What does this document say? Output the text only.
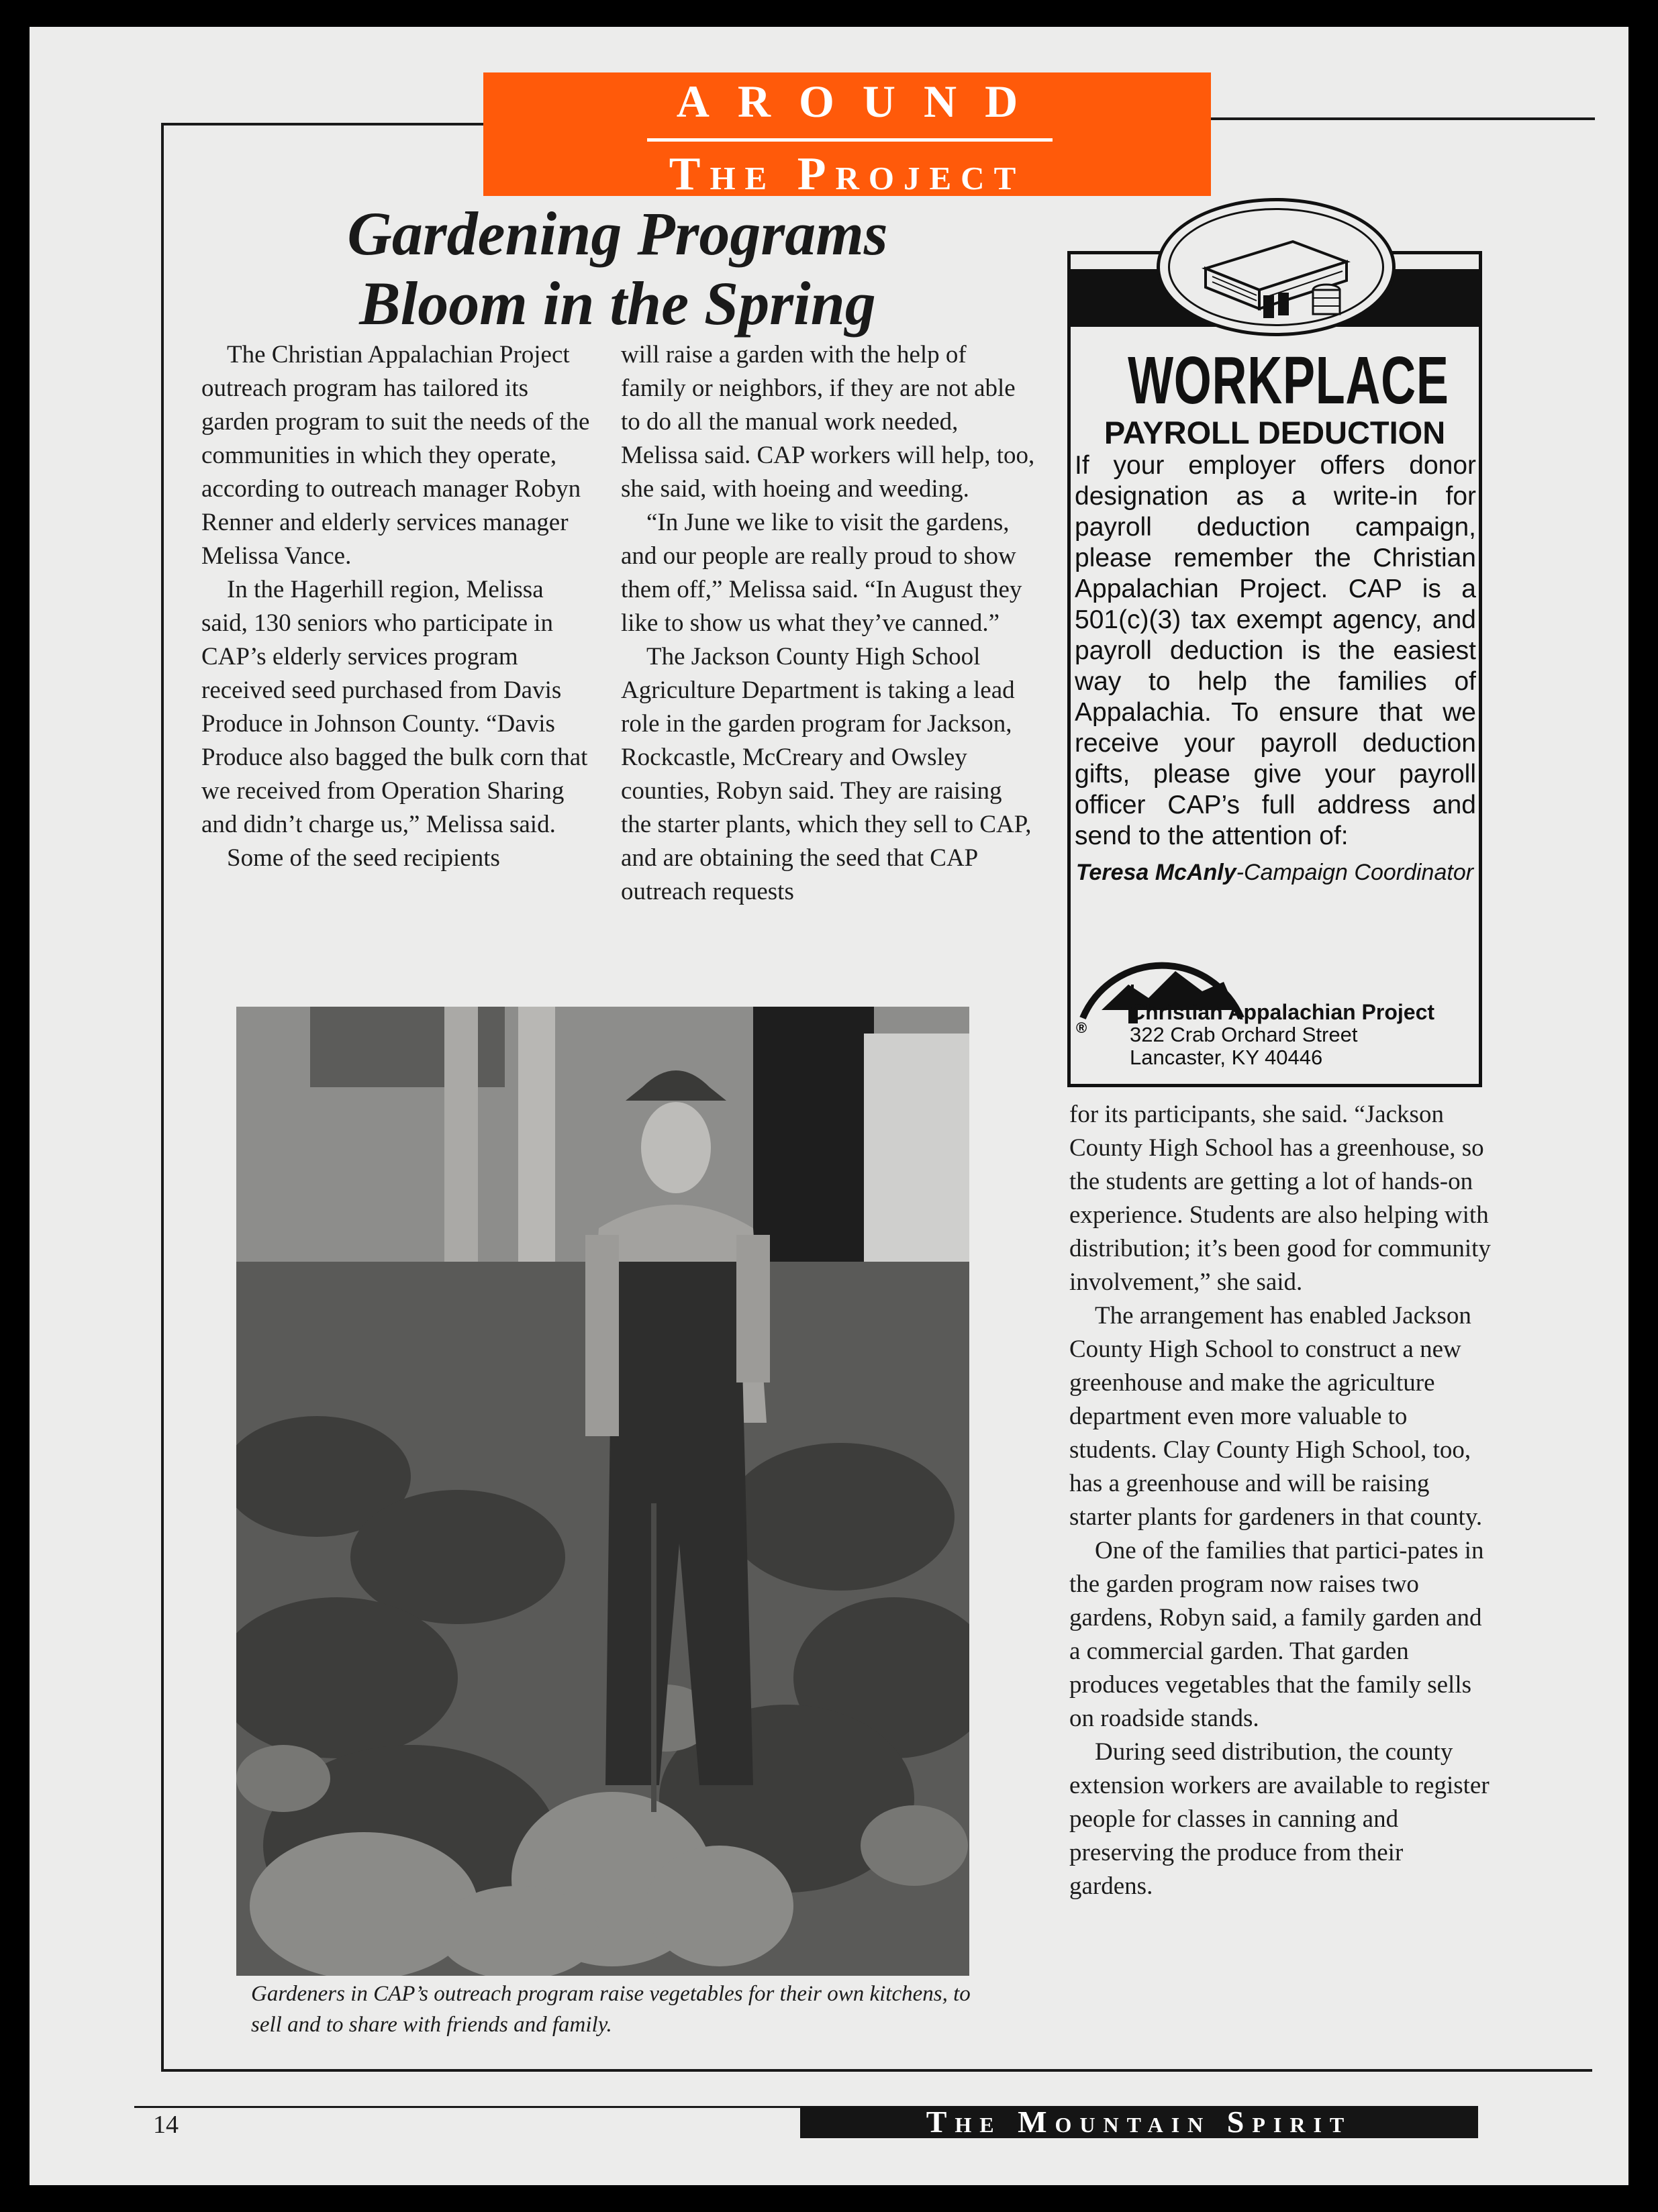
AROUND
The Project
Gardening Programs Bloom in the Spring

The Christian Appalachian Project outreach program has tailored its garden program to suit the needs of the communities in which they operate, according to outreach manager Robyn Renner and elderly services manager Melissa Vance.

In the Hagerhill region, Melissa said, 130 seniors who participate in CAP’s elderly services program received seed purchased from Davis Produce in Johnson County. “Davis Produce also bagged the bulk corn that we received from Operation Sharing and didn’t charge us,” Melissa said.

Some of the seed recipients

will raise a garden with the help of family or neighbors, if they are not able to do all the manual work needed, Melissa said. CAP workers will help, too, she said, with hoeing and weeding.

“In June we like to visit the gardens, and our people are really proud to show them off,” Melissa said. “In August they like to show us what they’ve canned.”

The Jackson County High School Agriculture Department is taking a lead role in the garden program for Jackson, Rockcastle, McCreary and Owsley counties, Robyn said. They are raising the starter plants, which they sell to CAP, and are obtaining the seed that CAP outreach requests

Gardeners in CAP’s outreach program raise vegetables for their own kitchens, to sell and to share with friends and family.
WORKPLACE
PAYROLL DEDUCTION

If your employer offers donor designation as a write-in for payroll deduction campaign, please remember the Christian Appalachian Project. CAP is a 501(c)(3) tax exempt agency, and payroll deduction is the easiest way to help the families of Appalachia. To ensure that we receive your payroll deduction gifts, please give your payroll officer CAP’s full address and send to the attention of:

Teresa McAnly-Campaign Coordinator
®
Christian Appalachian Project
322 Crab Orchard Street
Lancaster, KY 40446

for its participants, she said. “Jackson County High School has a greenhouse, so the students are getting a lot of hands-on experience. Students are also helping with distribution; it’s been good for community involvement,” she said.

The arrangement has enabled Jackson County High School to construct a new greenhouse and make the agriculture department even more valuable to students. Clay County High School, too, has a greenhouse and will be raising starter plants for gardeners in that county.

One of the families that partici-pates in the garden program now raises two gardens, Robyn said, a family garden and a commercial garden. That garden produces vegetables that the family sells on roadside stands.

During seed distribution, the county extension workers are available to register people for classes in canning and preserving the produce from their gardens.

14	The Mountain Spirit
